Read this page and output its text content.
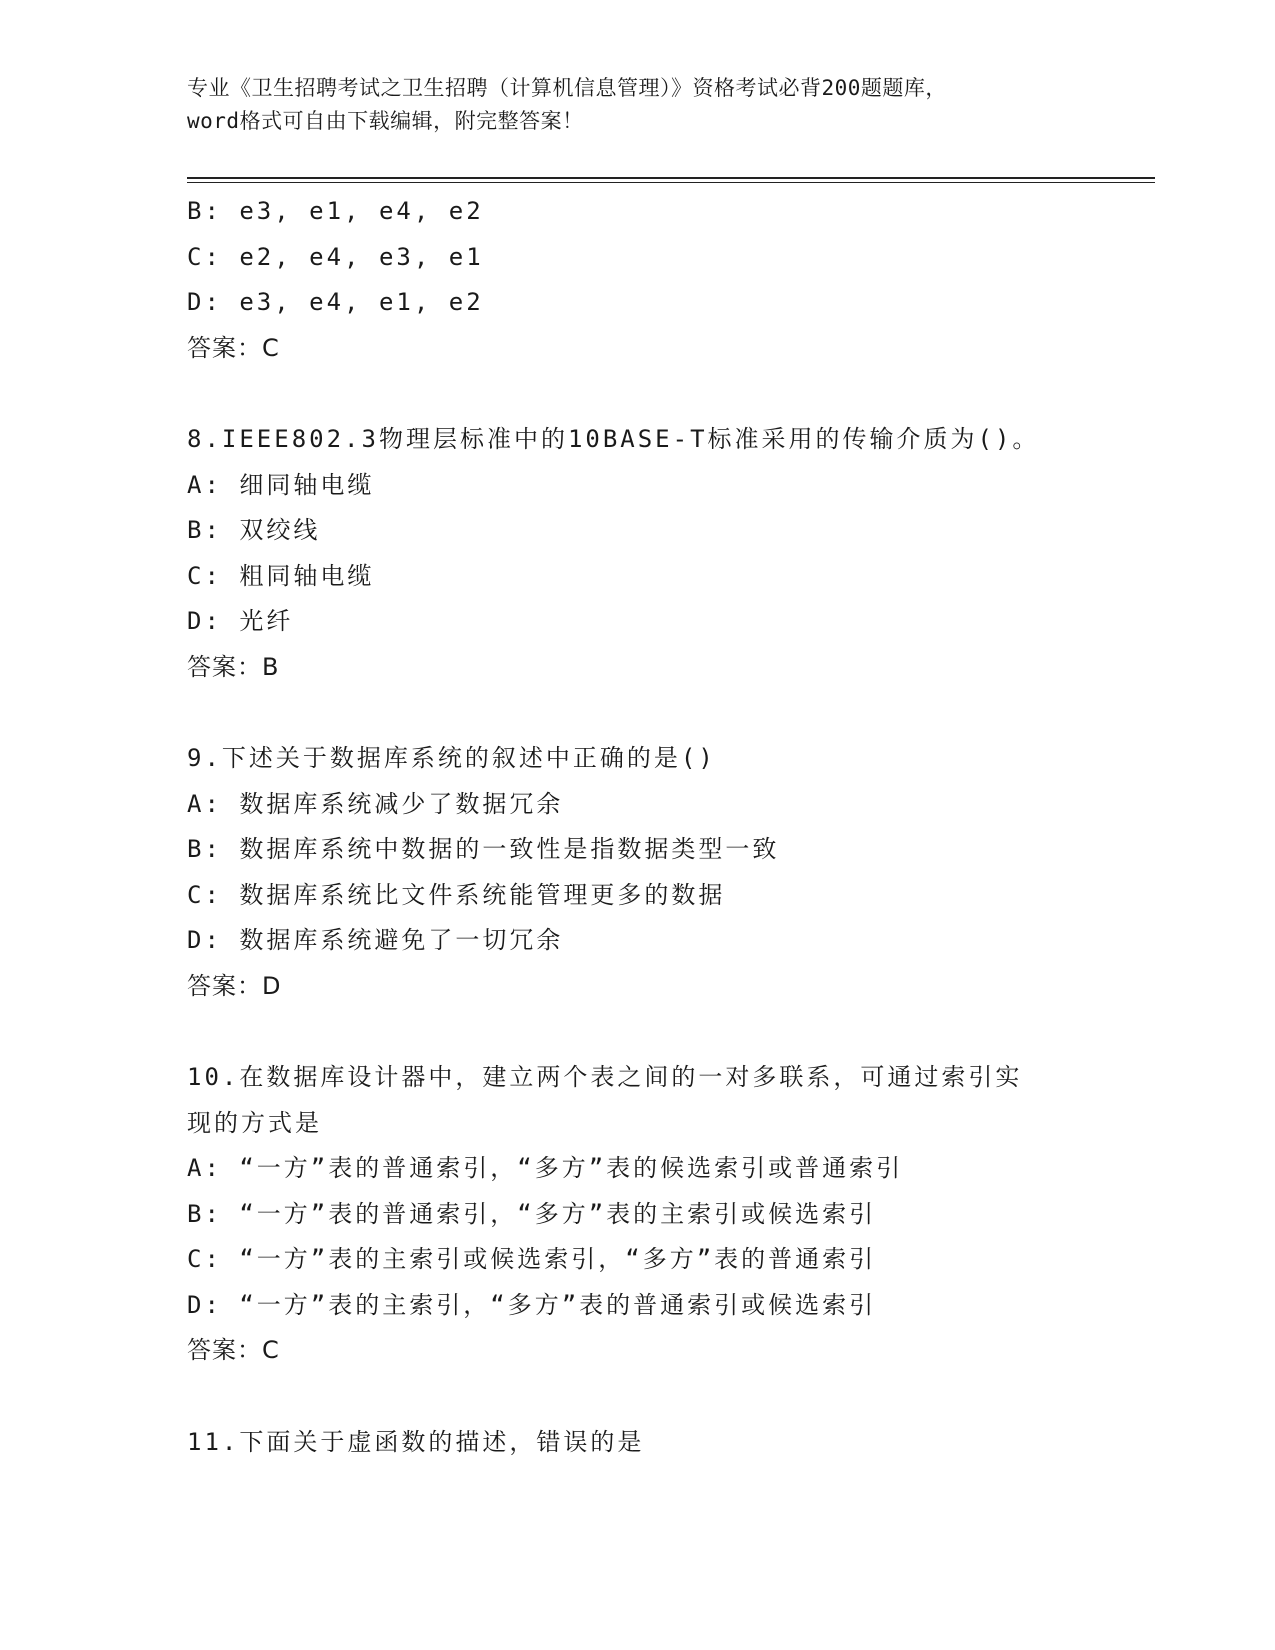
专业《卫生招聘考试之卫生招聘（计算机信息管理）》资格考试必背200题题库，
word格式可自由下载编辑，附完整答案！
B: e3, e1, e4, e2
C: e2, e4, e3, e1
D: e3, e4, e1, e2
答案：C
8.IEEE802.3物理层标准中的10BASE-T标准采用的传输介质为()。
A: 细同轴电缆
B: 双绞线
C: 粗同轴电缆
D: 光纤
答案：B
9.下述关于数据库系统的叙述中正确的是()
A: 数据库系统减少了数据冗余
B: 数据库系统中数据的一致性是指数据类型一致
C: 数据库系统比文件系统能管理更多的数据
D: 数据库系统避免了一切冗余
答案：D
10.在数据库设计器中，建立两个表之间的一对多联系，可通过索引实
现的方式是
A: “一方”表的普通索引，“多方”表的候选索引或普通索引
B: “一方”表的普通索引，“多方”表的主索引或候选索引
C: “一方”表的主索引或候选索引，“多方”表的普通索引
D: “一方”表的主索引，“多方”表的普通索引或候选索引
答案：C
11.下面关于虚函数的描述，错误的是
